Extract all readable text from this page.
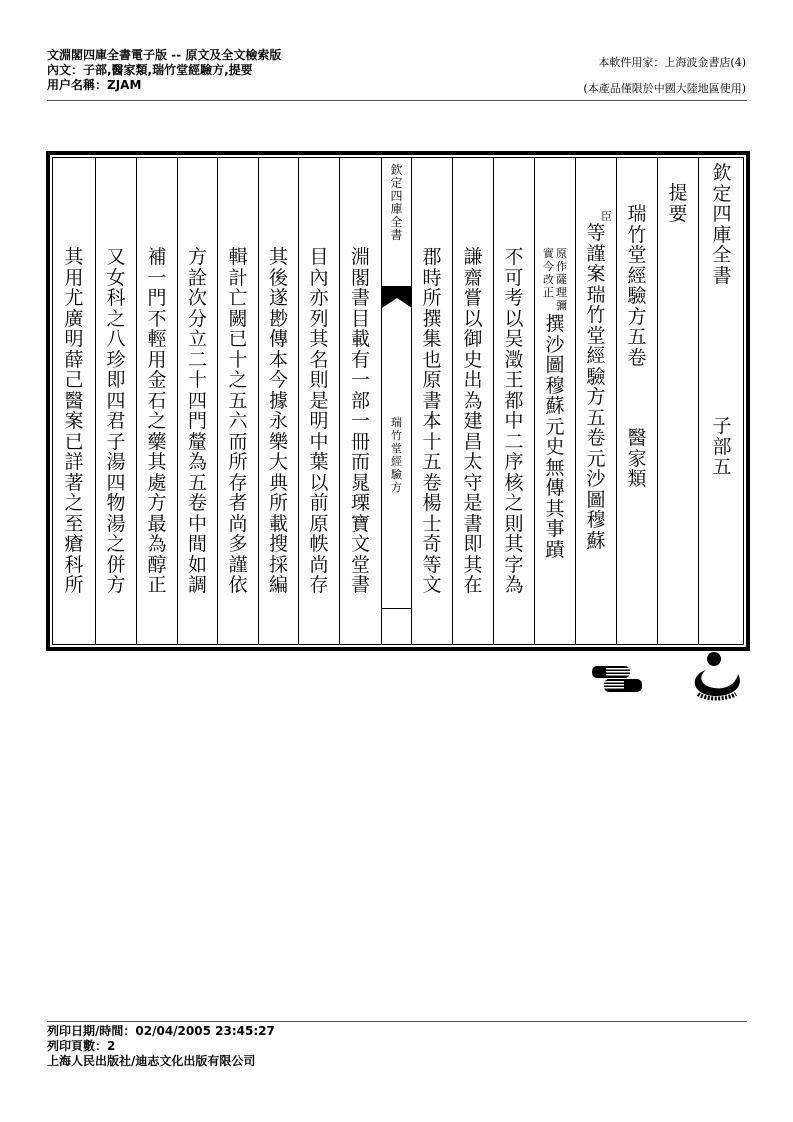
文淵閣四庫全書電子版 -- 原文及全文檢索版
內文：子部,醫家類,瑞竹堂經驗方,提要
用户名稱：ZJAM
本軟件用家：上海波金書店(4)
(本產品僅限於中國大陸地區使用)
欽
定
四
庫
全
書
子
部
五
提
要
瑞
竹
堂
經
驗
方
五
卷
醫
家
類
臣
等
謹
案
瑞
竹
堂
經
驗
方
五
卷
元
沙
圖
穆
蘇
實
今
改
正
原
作
薩
理
彌
撰
沙
圖
穆
蘇
元
史
無
傳
其
事
蹟
不
可
考
以
吴
澂
王
都
中
二
序
核
之
則
其
字
為
謙
齋
嘗
以
御
史
出
為
建
昌
太
守
是
書
即
其
在
郡
時
所
撰
集
也
原
書
本
十
五
卷
楊
士
奇
等
文
淵
閣
書
目
載
有
一
部
一
冊
而
晁
瑮
寶
文
堂
書
目
內
亦
列
其
名
則
是
明
中
葉
以
前
原
帙
尚
存
其
後
遂
尠
傳
本
今
據
永
樂
大
典
所
載
搜
採
編
輯
計
亡
闕
已
十
之
五
六
而
所
存
者
尚
多
謹
依
方
詮
次
分
立
二
十
四
門
釐
為
五
卷
中
間
如
調
補
一
門
不
輕
用
金
石
之
藥
其
處
方
最
為
醇
正
又
女
科
之
八
珍
即
四
君
子
湯
四
物
湯
之
併
方
其
用
尤
廣
明
薛
己
醫
案
已
詳
著
之
至
瘡
科
所
欽
定
四
庫
全
書
瑞
竹
堂
經
驗
方
列印日期/時間：02/04/2005 23:45:27
列印頁數：2
上海人民出版社/迪志文化出版有限公司
